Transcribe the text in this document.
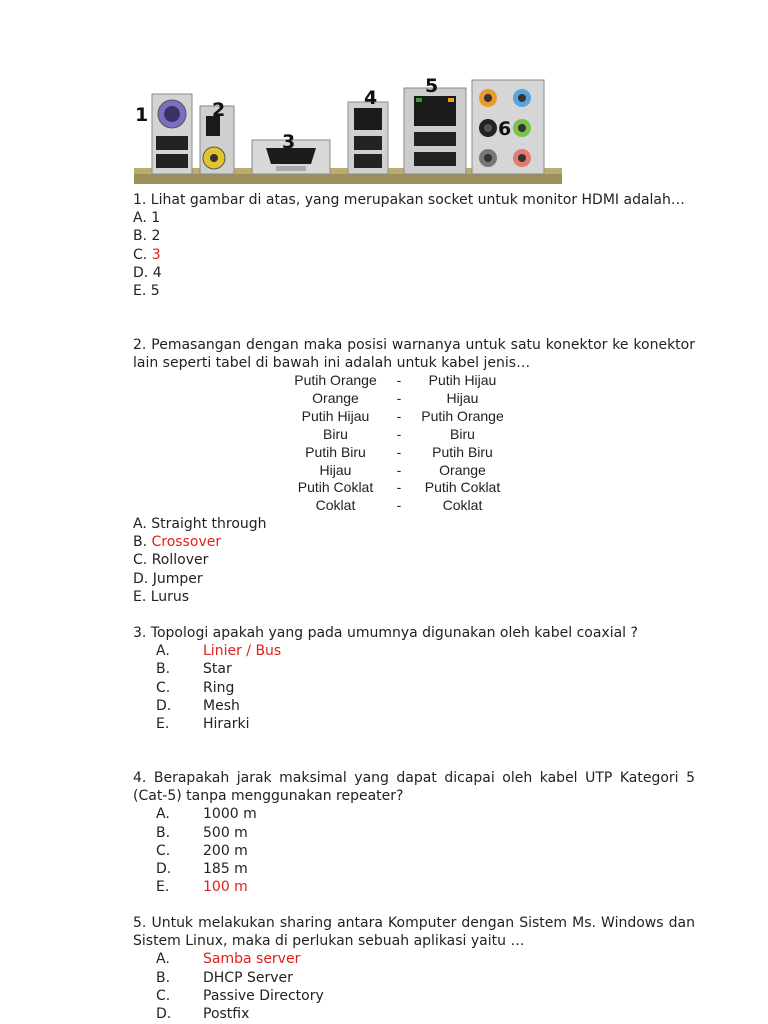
1	2
3
4
5
6
1. Lihat gambar di atas, yang merupakan socket untuk monitor HDMI adalah…
A. 1
B. 2
C. 3
D. 4
E. 5
2. Pemasangan dengan maka posisi warnanya untuk satu konektor ke konektor lain seperti tabel di bawah ini adalah untuk kabel jenis…
Putih Orange	-	Putih Hijau
Orange	-	Hijau
Putih Hijau	-	Putih Orange
Biru	-	Biru
Putih Biru	-	Putih Biru
Hijau	-	Orange
Putih Coklat	-	Putih Coklat
Coklat	-	Coklat
A. Straight through
B. Crossover
C. Rollover
D. Jumper
E. Lurus
3. Topologi apakah yang pada umumnya digunakan oleh kabel coaxial ?
A. Linier / Bus
B. Star
C. Ring
D. Mesh
E. Hirarki
4. Berapakah jarak maksimal yang dapat dicapai oleh kabel UTP Kategori 5 (Cat-5) tanpa menggunakan repeater?
A. 1000 m
B. 500 m
C. 200 m
D. 185 m
E. 100 m
5. Untuk melakukan sharing antara Komputer dengan Sistem Ms. Windows dan Sistem Linux, maka di perlukan sebuah aplikasi yaitu …
A. Samba server
B. DHCP Server
C. Passive Directory
D. Postfix
